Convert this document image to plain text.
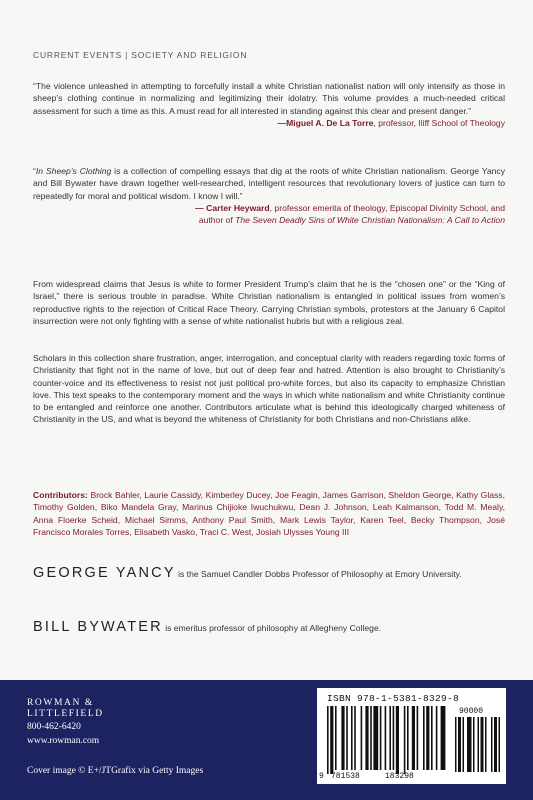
CURRENT EVENTS | SOCIETY AND RELIGION
“The violence unleashed in attempting to forcefully install a white Christian nationalist nation will only intensify as those in sheep’s clothing continue in normalizing and legitimizing their idolatry. This volume provides a much-needed critical assessment for such a time as this. A must read for all interested in standing against this clear and present danger.”
—Miguel A. De La Torre, professor, Iliff School of Theology
“In Sheep’s Clothing is a collection of compelling essays that dig at the roots of white Christian nationalism. George Yancy and Bill Bywater have drawn together well-researched, intelligent resources that revolutionary lovers of justice can turn to repeatedly for moral and political wisdom. I know I will.”
— Carter Heyward, professor emerita of theology, Episcopal Divinity School, and
author of The Seven Deadly Sins of White Christian Nationalism: A Call to Action
From widespread claims that Jesus is white to former President Trump’s claim that he is the “chosen one” or the “King of Israel,” there is serious trouble in paradise. White Christian nationalism is entangled in political issues from women’s reproductive rights to the rejection of Critical Race Theory. Carrying Christian symbols, protestors at the January 6 Capitol insurrection were not only fighting with a sense of white nationalist hubris but with a religious zeal.
Scholars in this collection share frustration, anger, interrogation, and conceptual clarity with readers regarding toxic forms of Christianity that fight not in the name of love, but out of deep fear and hatred. Attention is also brought to Christianity’s counter-voice and its effectiveness to resist not just political pro-white forces, but also its capacity to emphasize Christian love. This text speaks to the contemporary moment and the ways in which white nationalism and white Christianity continue to be entangled and reinforce one another. Contributors articulate what is behind this ideologically charged whiteness of Christianity in the US, and what is beyond the whiteness of Christianity for both Christians and non-Christians alike.
Contributors: Brock Bahler, Laurie Cassidy, Kimberley Ducey, Joe Feagin, James Garrison, Sheldon George, Kathy Glass, Timothy Golden, Biko Mandela Gray, Marinus Chijioke Iwuchukwu, Dean J. Johnson, Leah Kalmanson, Todd M. Mealy, Anna Floerke Scheid, Michael Simms, Anthony Paul Smith, Mark Lewis Taylor, Karen Teel, Becky Thompson, José Francisco Morales Torres, Elisabeth Vasko, Traci C. West, Josiah Ulysses Young III
GEORGE YANCY is the Samuel Candler Dobbs Professor of Philosophy at Emory University.
BILL BYWATER is emeritus professor of philosophy at Allegheny College.
ROWMAN &
LITTLEFIELD
800-462-6420
www.rowman.com
Cover image © E+/JTGrafix via Getty Images
ISBN 978-1-5381-8329-8
90000
9 781538	183298
